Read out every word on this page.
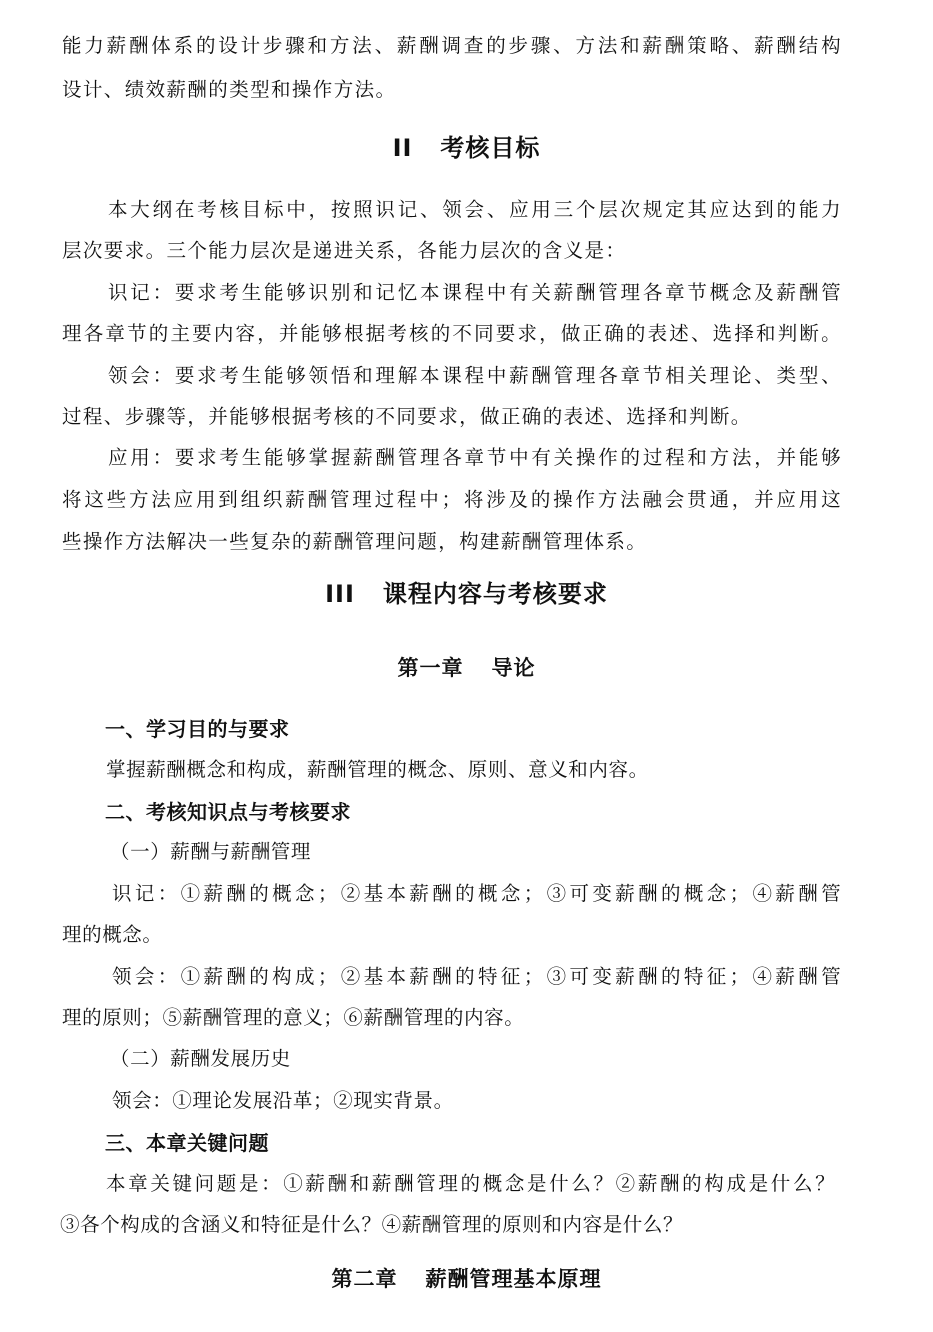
能力薪酬体系的设计步骤和方法、薪酬调查的步骤、方法和薪酬策略、薪酬结构
设计、绩效薪酬的类型和操作方法。
II 考核目标
本大纲在考核目标中，按照识记、领会、应用三个层次规定其应达到的能力
层次要求。三个能力层次是递进关系，各能力层次的含义是：
识记：要求考生能够识别和记忆本课程中有关薪酬管理各章节概念及薪酬管
理各章节的主要内容，并能够根据考核的不同要求，做正确的表述、选择和判断。
领会：要求考生能够领悟和理解本课程中薪酬管理各章节相关理论、类型、
过程、步骤等，并能够根据考核的不同要求，做正确的表述、选择和判断。
应用：要求考生能够掌握薪酬管理各章节中有关操作的过程和方法，并能够
将这些方法应用到组织薪酬管理过程中；将涉及的操作方法融会贯通，并应用这
些操作方法解决一些复杂的薪酬管理问题，构建薪酬管理体系。
III 课程内容与考核要求
第一章 导论
一、学习目的与要求
掌握薪酬概念和构成，薪酬管理的概念、原则、意义和内容。
二、考核知识点与考核要求
（一）薪酬与薪酬管理
识记：①薪酬的概念；②基本薪酬的概念；③可变薪酬的概念；④薪酬管
理的概念。
领会：①薪酬的构成；②基本薪酬的特征；③可变薪酬的特征；④薪酬管
理的原则；⑤薪酬管理的意义；⑥薪酬管理的内容。
（二）薪酬发展历史
领会：①理论发展沿革；②现实背景。
三、本章关键问题
本章关键问题是：①薪酬和薪酬管理的概念是什么？②薪酬的构成是什么？
③各个构成的含涵义和特征是什么？④薪酬管理的原则和内容是什么？
第二章 薪酬管理基本原理
